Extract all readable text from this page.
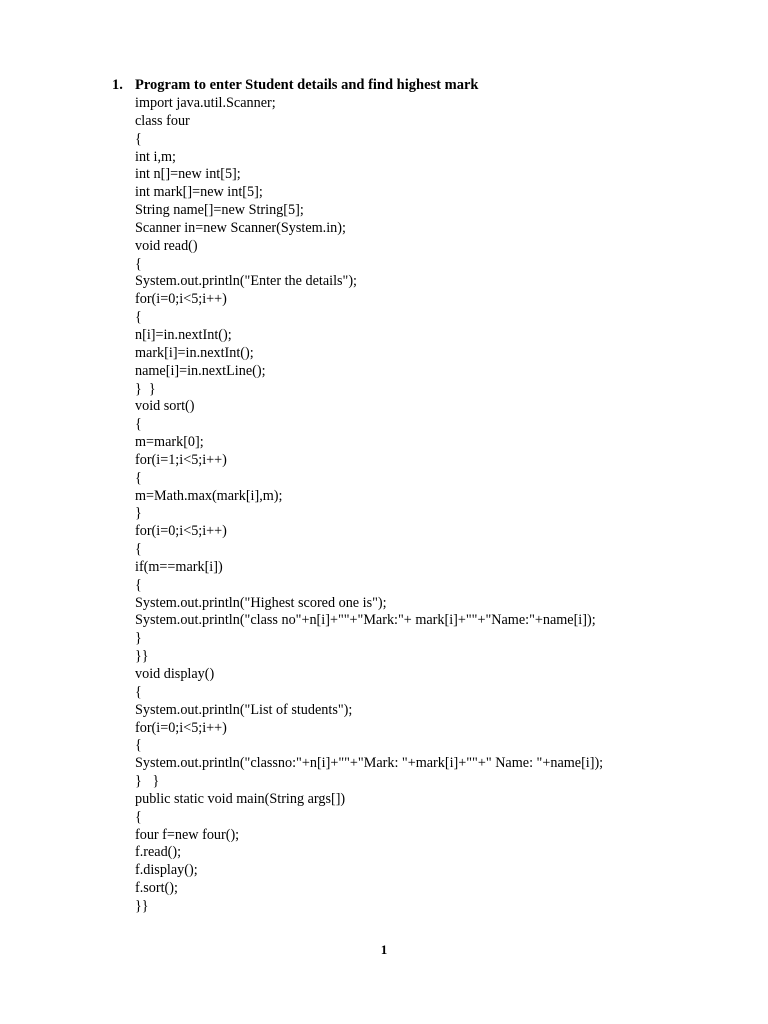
1. Program to enter Student details and find highest mark
import java.util.Scanner;
class four
{
int i,m;
int n[]=new int[5];
int mark[]=new int[5];
String name[]=new String[5];
Scanner in=new Scanner(System.in);
void read()
{
System.out.println("Enter the details");
for(i=0;i<5;i++)
{
n[i]=in.nextInt();
mark[i]=in.nextInt();
name[i]=in.nextLine();
}  }
void sort()
{
m=mark[0];
for(i=1;i<5;i++)
{
m=Math.max(mark[i],m);
}
for(i=0;i<5;i++)
{
if(m==mark[i])
{
System.out.println("Highest scored one is");
System.out.println("class no"+n[i]+""+"Mark:"+ mark[i]+""+"Name:"+name[i]);
}
}}
void display()
{
System.out.println("List of students");
for(i=0;i<5;i++)
{
System.out.println("classno:"+n[i]+""+"Mark: "+mark[i]+""+" Name: "+name[i]);
}   }
public static void main(String args[])
{
four f=new four();
f.read();
f.display();
f.sort();
}}
1
